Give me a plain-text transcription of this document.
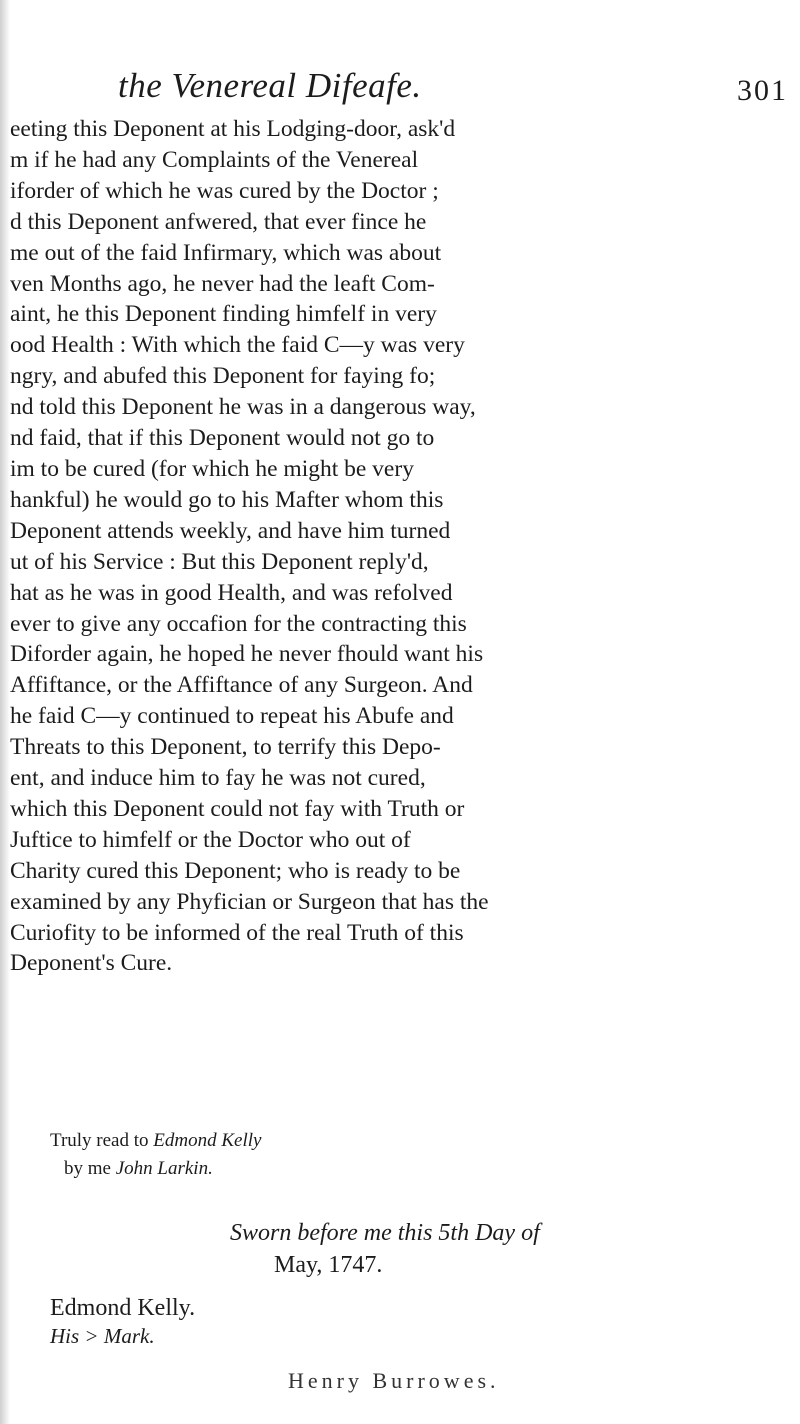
the Venereal Difeafe.	301
eeting this Deponent at his Lodging-door, ask'd
m if he had any Complaints of the Venereal
iforder of which he was cured by the Doctor ;
d this Deponent anfwered, that ever fince he
me out of the faid Infirmary, which was about
ven Months ago, he never had the leaft Com-
aint, he this Deponent finding himfelf in very
ood Health : With which the faid C—y was very
ngry, and abufed this Deponent for faying fo;
nd told this Deponent he was in a dangerous way,
nd faid, that if this Deponent would not go to
im to be cured (for which he might be very
hankful) he would go to his Mafter whom this
Deponent attends weekly, and have him turned
ut of his Service : But this Deponent reply'd,
hat as he was in good Health, and was refolved
ever to give any occafion for the contracting this
Diforder again, he hoped he never fhould want his
Affiftance, or the Affiftance of any Surgeon. And
he faid C—y continued to repeat his Abufe and
Threats to this Deponent, to terrify this Depo-
ent, and induce him to fay he was not cured,
which this Deponent could not fay with Truth or
Juftice to himfelf or the Doctor who out of
Charity cured this Deponent; who is ready to be
examined by any Phyfician or Surgeon that has the
Curiofity to be informed of the real Truth of this
Deponent's Cure.
Truly read to Edmond Kelly
by me John Larkin.
Sworn before me this 5th Day of
May, 1747.
Edmond Kelly.
His > Mark.
Henry Burrowes.
